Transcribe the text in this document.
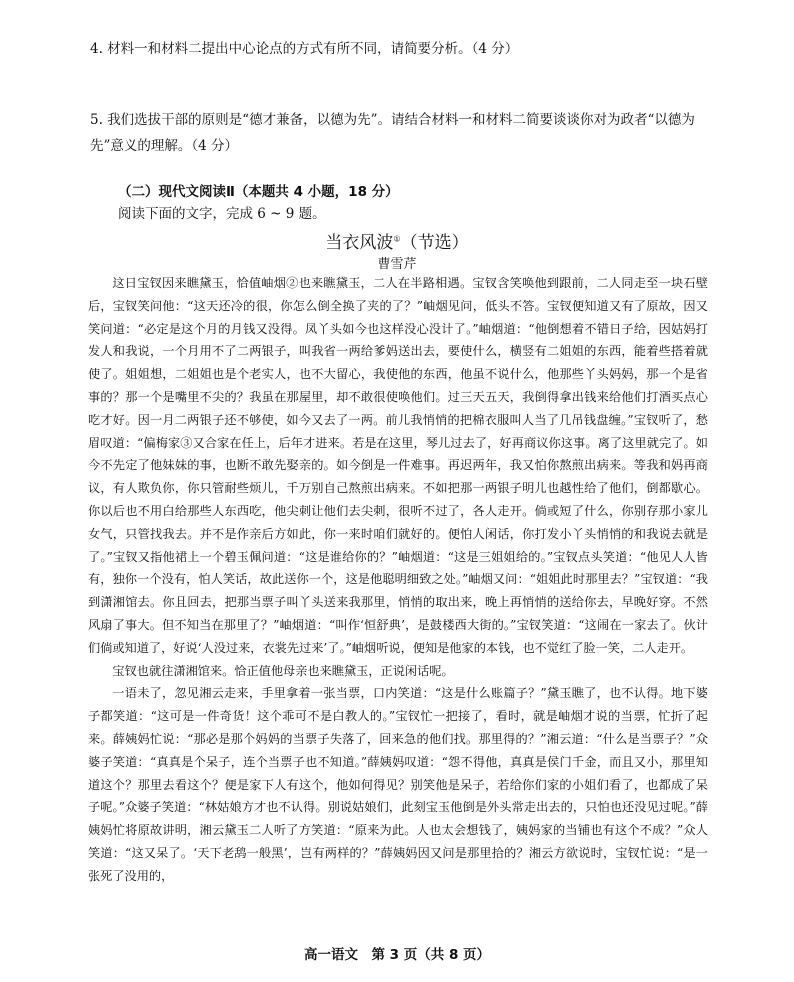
4. 材料一和材料二提出中心论点的方式有所不同，请简要分析。（4 分）
5. 我们选拔干部的原则是“德才兼备，以德为先”。请结合材料一和材料二简要谈谈你对为政者“以德为先”意义的理解。（4 分）
（二）现代文阅读Ⅱ（本题共 4 小题，18 分）
阅读下面的文字，完成 6 ~ 9 题。
当衣风波①（节选）
曹雪芹

这日宝钗因来瞧黛玉，恰值岫烟②也来瞧黛玉，二人在半路相遇。宝钗含笑唤他到跟前，二人同走至一块石壁后，宝钗笑问他：“这天还冷的很，你怎么倒全换了夹的了？”岫烟见问，低头不答。宝钗便知道又有了原故，因又笑问道：“必定是这个月的月钱又没得。凤丫头如今也这样没心没计了。”岫烟道：“他倒想着不错日子给，因姑妈打发人和我说，一个月用不了二两银子，叫我省一两给爹妈送出去，要使什么，横竖有二姐姐的东西，能着些搭着就使了。姐姐想，二姐姐也是个老实人，也不大留心，我使他的东西，他虽不说什么，他那些丫头妈妈，那一个是省事的？那一个是嘴里不尖的？我虽在那屋里，却不敢很使唤他们。过三天五天，我倒得拿出钱来给他们打酒买点心吃才好。因一月二两银子还不够使，如今又去了一两。前儿我悄悄的把棉衣服叫人当了几吊钱盘缠。”宝钗听了，愁眉叹道：“偏梅家③又合家在任上，后年才进来。若是在这里，琴儿过去了，好再商议你这事。离了这里就完了。如今不先定了他妹妹的事，也断不敢先娶亲的。如今倒是一件难事。再迟两年，我又怕你熬煎出病来。等我和妈再商议，有人欺负你，你只管耐些烦儿，千万别自己熬煎出病来。不如把那一两银子明儿也越性给了他们，倒都歇心。你以后也不用白给那些人东西吃，他尖刺让他们去尖刺，很听不过了，各人走开。倘或短了什么，你别存那小家儿女气，只管找我去。并不是作亲后方如此，你一来时咱们就好的。便怕人闲话，你打发小丫头悄悄的和我说去就是了。”宝钗又指他裙上一个碧玉佩问道：“这是谁给你的？”岫烟道：“这是三姐姐给的。”宝钗点头笑道：“他见人人皆有，独你一个没有，怕人笑话，故此送你一个，这是他聪明细致之处。”岫烟又问：“姐姐此时那里去？”宝钗道：“我到潇湘馆去。你且回去，把那当票子叫丫头送来我那里，悄悄的取出来，晚上再悄悄的送给你去，早晚好穿。不然风扇了事大。但不知当在那里了？”岫烟道：“叫作‘恒舒典’，是鼓楼西大街的。”宝钗笑道：“这闹在一家去了。伙计们倘或知道了，好说‘人没过来，衣裳先过来’了。”岫烟听说，便知是他家的本钱，也不觉红了脸一笑，二人走开。

宝钗也就往潇湘馆来。恰正值他母亲也来瞧黛玉，正说闲话呢。

一语未了，忽见湘云走来，手里拿着一张当票，口内笑道：“这是什么账篇子？”黛玉瞧了，也不认得。地下婆子都笑道：“这可是一件奇货！这个乖可不是白教人的。”宝钗忙一把接了，看时，就是岫烟才说的当票，忙折了起来。薛姨妈忙说：“那必是那个妈妈的当票子失落了，回来急的他们找。那里得的？”湘云道：“什么是当票子？”众婆子笑道：“真真是个呆子，连个当票子也不知道。”薛姨妈叹道：“怨不得他，真真是侯门千金，而且又小，那里知道这个？那里去看这个？便是家下人有这个，他如何得见？别笑他是呆子，若给你们家的小姐们看了，也都成了呆子呢。”众婆子笑道：“林姑娘方才也不认得。别说姑娘们，此刻宝玉他倒是外头常走出去的，只怕也还没见过呢。”薛姨妈忙将原故讲明，湘云黛玉二人听了方笑道：“原来为此。人也太会想钱了，姨妈家的当铺也有这个不成？”众人笑道：“这又呆了。‘天下老鸹一般黑’，岂有两样的？”薛姨妈因又问是那里拾的？湘云方欲说时，宝钗忙说：“是一张死了没用的，

高一语文　第 3 页（共 8 页）
